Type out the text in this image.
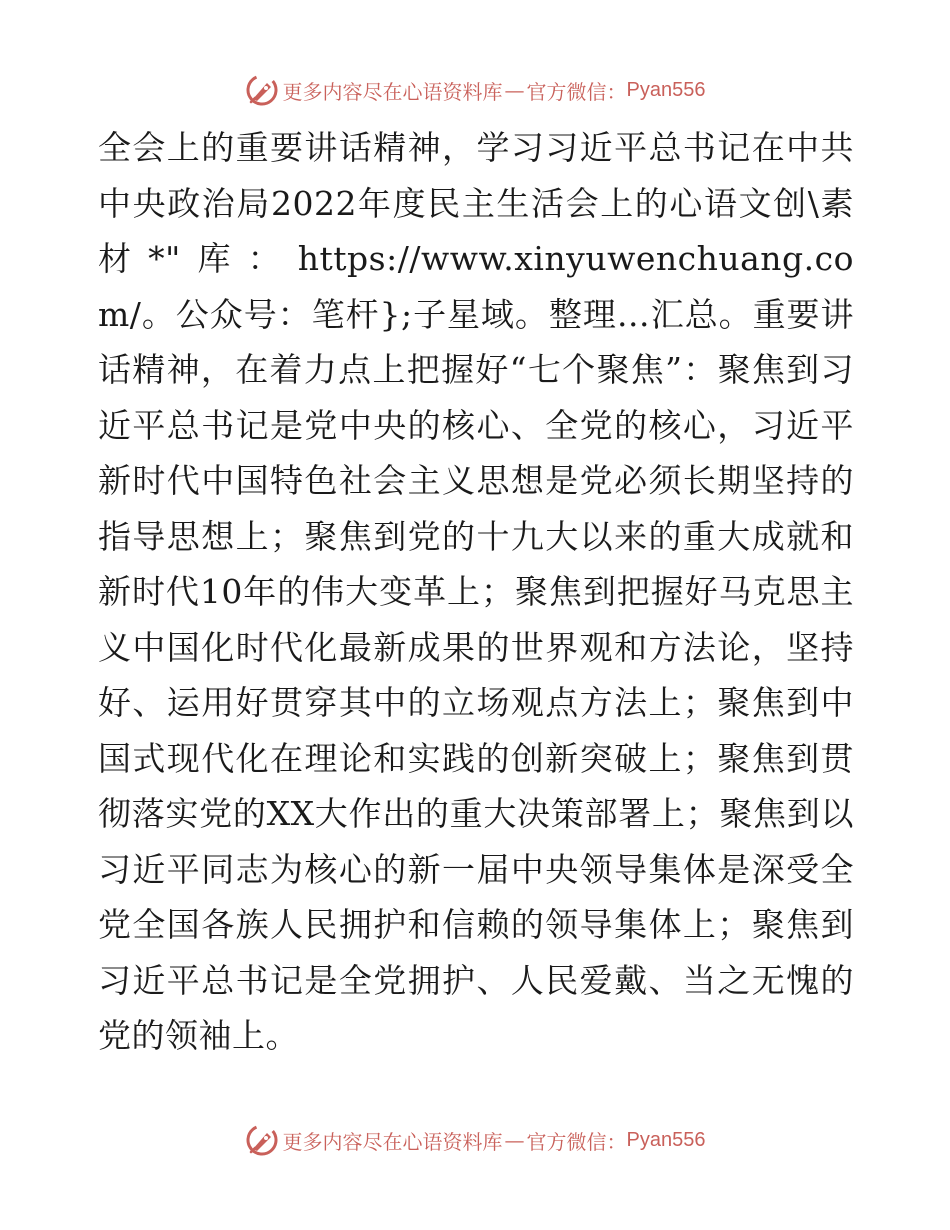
更多内容尽在心语资料库 — 官方微信： Pyan556

全会上的重要讲话精神，学习习近平总书记在中共中央政治局2022年度民主生活会上的心语文创\素材*"库：https://www.xinyuwenchuang.com/。公众号：笔杆};子星域。整理…汇总。重要讲话精神，在着力点上把握好“七个聚焦”：聚焦到习近平总书记是党中央的核心、全党的核心，习近平新时代中国特色社会主义思想是党必须长期坚持的指导思想上；聚焦到党的十九大以来的重大成就和新时代10年的伟大变革上；聚焦到把握好马克思主义中国化时代化最新成果的世界观和方法论，坚持好、运用好贯穿其中的立场观点方法上；聚焦到中国式现代化在理论和实践的创新突破上；聚焦到贯彻落实党的XX大作出的重大决策部署上；聚焦到以习近平同志为核心的新一届中央领导集体是深受全党全国各族人民拥护和信赖的领导集体上；聚焦到习近平总书记是全党拥护、人民爱戴、当之无愧的党的领袖上。

更多内容尽在心语资料库 — 官方微信： Pyan556
